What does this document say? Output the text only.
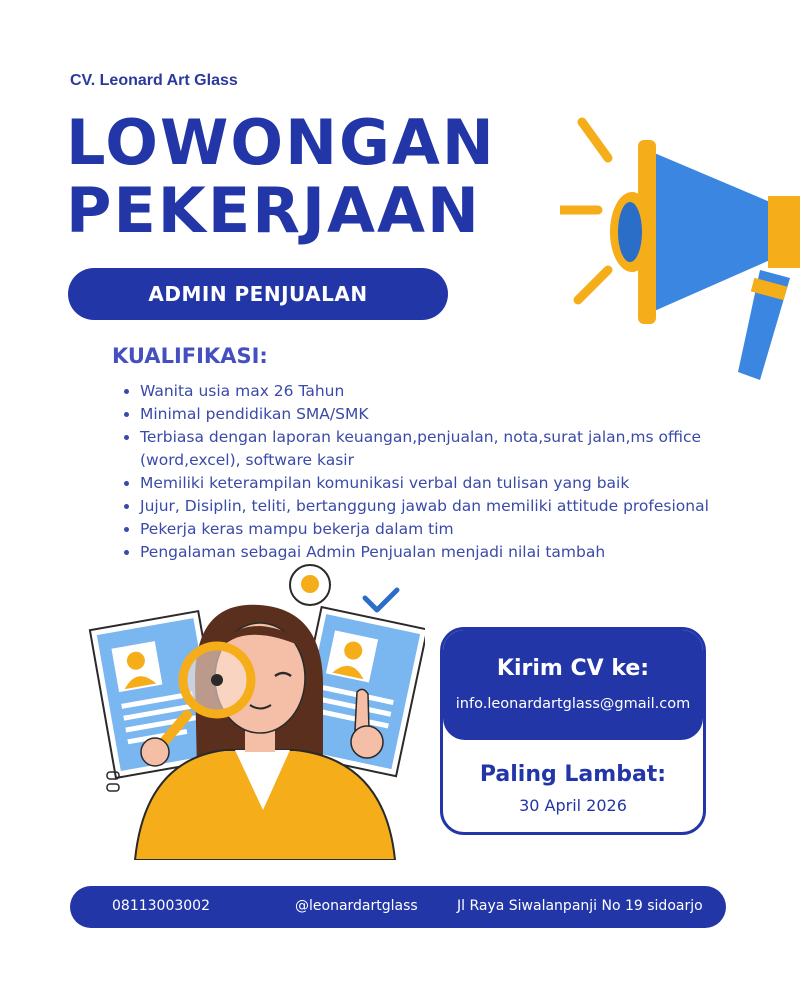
CV. Leonard Art Glass
LOWONGAN
PEKERJAAN
ADMIN PENJUALAN
KUALIFIKASI:
• Wanita usia max 26 Tahun
• Minimal pendidikan SMA/SMK
• Terbiasa dengan laporan keuangan,penjualan, nota,surat jalan,ms office (word,excel), software kasir
• Memiliki keterampilan komunikasi verbal dan tulisan yang baik
• Jujur, Disiplin, teliti, bertanggung jawab dan memiliki attitude profesional
• Pekerja keras mampu bekerja dalam tim
• Pengalaman sebagai Admin Penjualan menjadi nilai tambah
Kirim CV ke:
info.leonardartglass@gmail.com
Paling Lambat:
30 April 2026
08113003002	@leonardartglass	Jl Raya Siwalanpanji No 19 sidoarjo
